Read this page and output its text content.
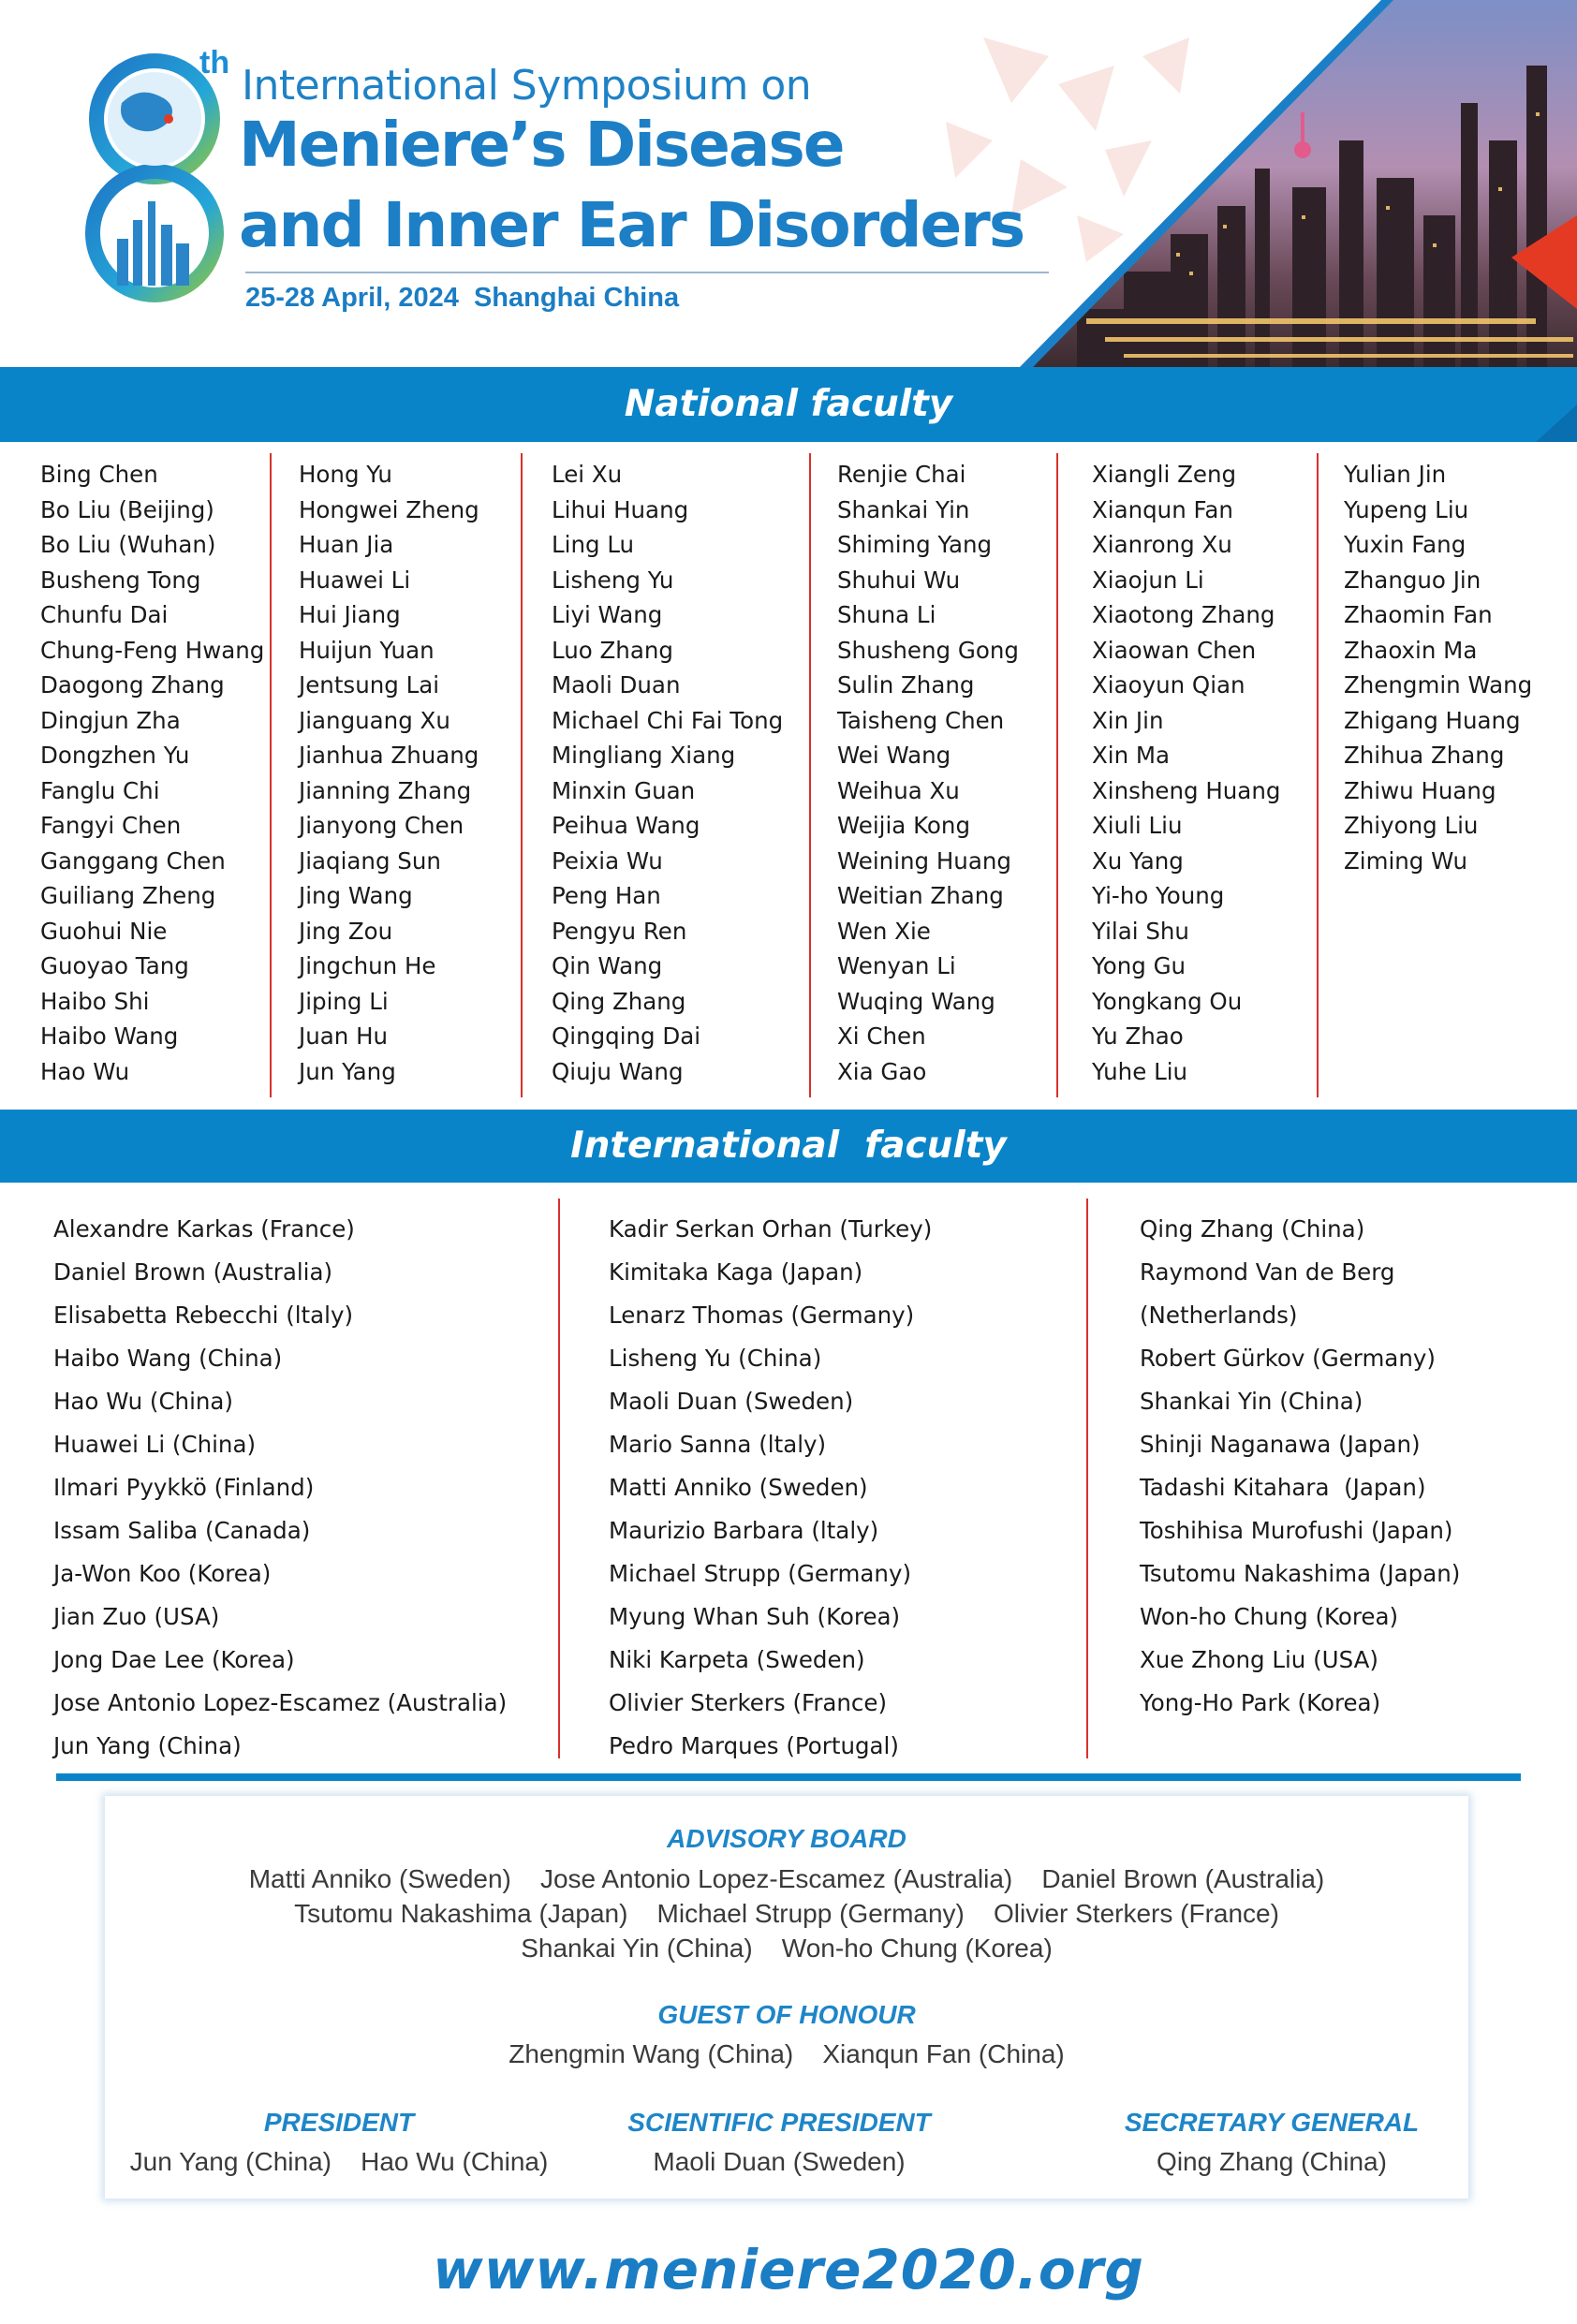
th International Symposium on
Meniere’s Disease
and Inner Ear Disorders
25-28 April, 2024  Shanghai China
National faculty
Bing Chen
Bo Liu (Beijing)
Bo Liu (Wuhan)
Busheng Tong
Chunfu Dai
Chung-Feng Hwang
Daogong Zhang
Dingjun Zha
Dongzhen Yu
Fanglu Chi
Fangyi Chen
Ganggang Chen
Guiliang Zheng
Guohui Nie
Guoyao Tang
Haibo Shi
Haibo Wang
Hao Wu
Hong Yu
Hongwei Zheng
Huan Jia
Huawei Li
Hui Jiang
Huijun Yuan
Jentsung Lai
Jianguang Xu
Jianhua Zhuang
Jianning Zhang
Jianyong Chen
Jiaqiang Sun
Jing Wang
Jing Zou
Jingchun He
Jiping Li
Juan Hu
Jun Yang
Lei Xu
Lihui Huang
Ling Lu
Lisheng Yu
Liyi Wang
Luo Zhang
Maoli Duan
Michael Chi Fai Tong
Mingliang Xiang
Minxin Guan
Peihua Wang
Peixia Wu
Peng Han
Pengyu Ren
Qin Wang
Qing Zhang
Qingqing Dai
Qiuju Wang
Renjie Chai
Shankai Yin
Shiming Yang
Shuhui Wu
Shuna Li
Shusheng Gong
Sulin Zhang
Taisheng Chen
Wei Wang
Weihua Xu
Weijia Kong
Weining Huang
Weitian Zhang
Wen Xie
Wenyan Li
Wuqing Wang
Xi Chen
Xia Gao
Xiangli Zeng
Xianqun Fan
Xianrong Xu
Xiaojun Li
Xiaotong Zhang
Xiaowan Chen
Xiaoyun Qian
Xin Jin
Xin Ma
Xinsheng Huang
Xiuli Liu
Xu Yang
Yi-ho Young
Yilai Shu
Yong Gu
Yongkang Ou
Yu Zhao
Yuhe Liu
Yulian Jin
Yupeng Liu
Yuxin Fang
Zhanguo Jin
Zhaomin Fan
Zhaoxin Ma
Zhengmin Wang
Zhigang Huang
Zhihua Zhang
Zhiwu Huang
Zhiyong Liu
Ziming Wu
International  faculty
Alexandre Karkas (France)
Daniel Brown (Australia)
Elisabetta Rebecchi (ltaly)
Haibo Wang (China)
Hao Wu (China)
Huawei Li (China)
Ilmari Pyykkö (Finland)
Issam Saliba (Canada)
Ja-Won Koo (Korea)
Jian Zuo (USA)
Jong Dae Lee (Korea)
Jose Antonio Lopez-Escamez (Australia)
Jun Yang (China)
Kadir Serkan Orhan (Turkey)
Kimitaka Kaga (Japan)
Lenarz Thomas (Germany)
Lisheng Yu (China)
Maoli Duan (Sweden)
Mario Sanna (ltaly)
Matti Anniko (Sweden)
Maurizio Barbara (ltaly)
Michael Strupp (Germany)
Myung Whan Suh (Korea)
Niki Karpeta (Sweden)
Olivier Sterkers (France)
Pedro Marques (Portugal)
Qing Zhang (China)
Raymond Van de Berg
(Netherlands)
Robert Gürkov (Germany)
Shankai Yin (China)
Shinji Naganawa (Japan)
Tadashi Kitahara  (Japan)
Toshihisa Murofushi (Japan)
Tsutomu Nakashima (Japan)
Won-ho Chung (Korea)
Xue Zhong Liu (USA)
Yong-Ho Park (Korea)
ADVISORY BOARD
Matti Anniko (Sweden)    Jose Antonio Lopez-Escamez (Australia)    Daniel Brown (Australia)
Tsutomu Nakashima (Japan)    Michael Strupp (Germany)    Olivier Sterkers (France)
Shankai Yin (China)    Won-ho Chung (Korea)
GUEST OF HONOUR
Zhengmin Wang (China)    Xianqun Fan (China)
PRESIDENT
Jun Yang (China)    Hao Wu (China)
SCIENTIFIC PRESIDENT
Maoli Duan (Sweden)
SECRETARY GENERAL
Qing Zhang (China)
www.meniere2020.org
